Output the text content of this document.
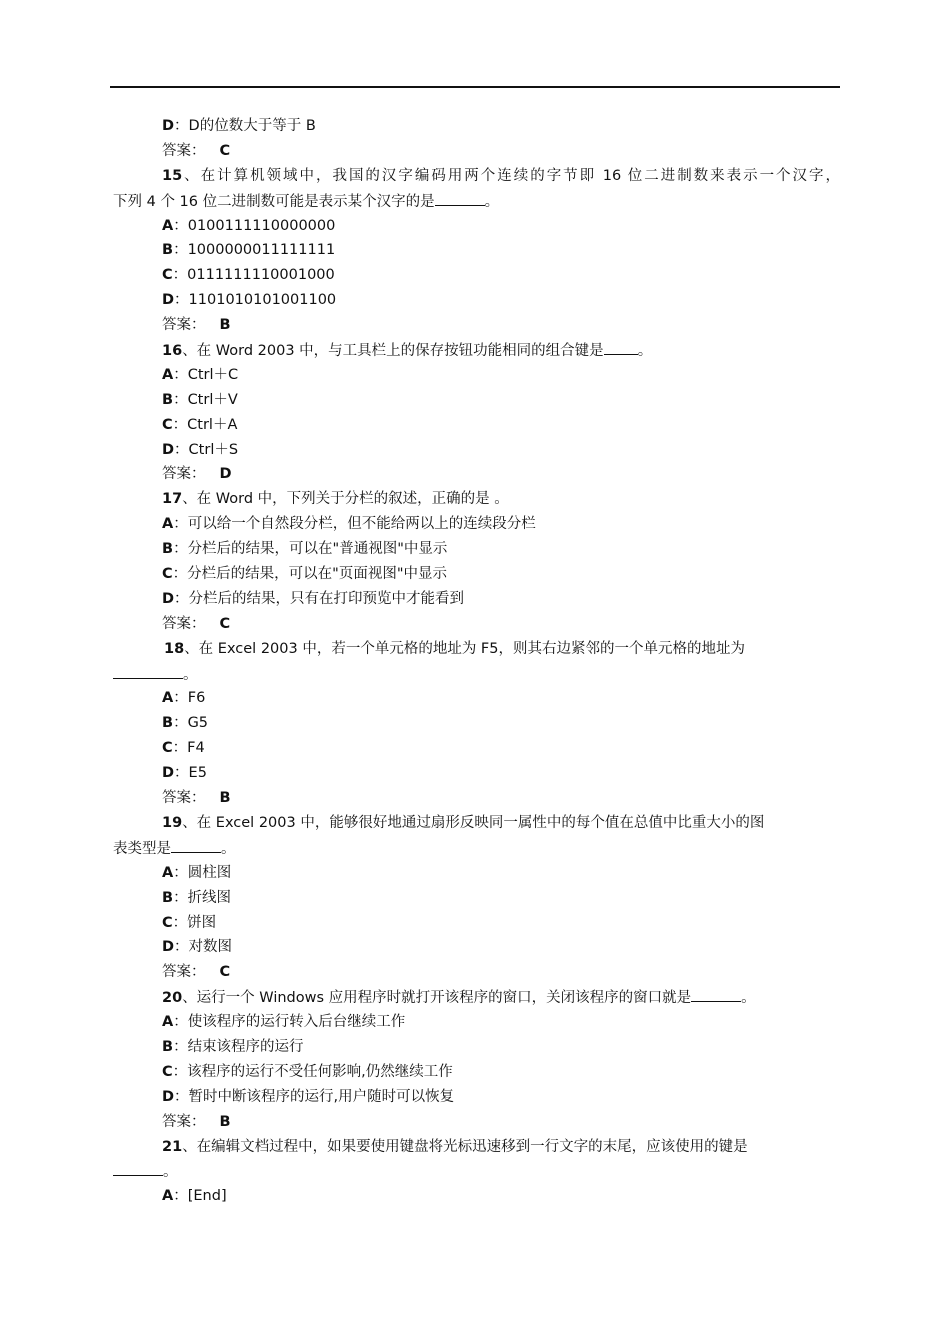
D：D的位数大于等于 B
答案： C
15、在计算机领域中，我国的汉字编码用两个连续的字节即 16 位二进制数来表示一个汉字，
下列 4 个 16 位二进制数可能是表示某个汉字的是	。
A：0100111110000000
B：1000000011111111
C：0111111110001000
D：1101010101001100
答案： B
16、在 Word 2003 中，与工具栏上的保存按钮功能相同的组合键是 。
A：Ctrl＋C
B：Ctrl＋V
C：Ctrl＋A
D：Ctrl＋S
答案： D
17、在 Word 中，下列关于分栏的叙述，正确的是 。
A：可以给一个自然段分栏，但不能给两以上的连续段分栏
B：分栏后的结果，可以在"普通视图"中显示
C：分栏后的结果，可以在"页面视图"中显示
D：分栏后的结果，只有在打印预览中才能看到
答案： C
18、在 Excel 2003 中，若一个单元格的地址为 F5，则其右边紧邻的一个单元格的地址为
。
A：F6
B：G5
C：F4
D：E5
答案： B
19、在 Excel 2003 中，能够很好地通过扇形反映同一属性中的每个值在总值中比重大小的图
表类型是	。
A：圆柱图
B：折线图
C：饼图
D：对数图
答案： C
20、运行一个 Windows 应用程序时就打开该程序的窗口，关闭该程序的窗口就是	。
A：使该程序的运行转入后台继续工作
B：结束该程序的运行
C：该程序的运行不受任何影响,仍然继续工作
D：暂时中断该程序的运行,用户随时可以恢复
答案： B
21、在编辑文档过程中，如果要使用键盘将光标迅速移到一行文字的末尾，应该使用的键是
。
A：[End]
